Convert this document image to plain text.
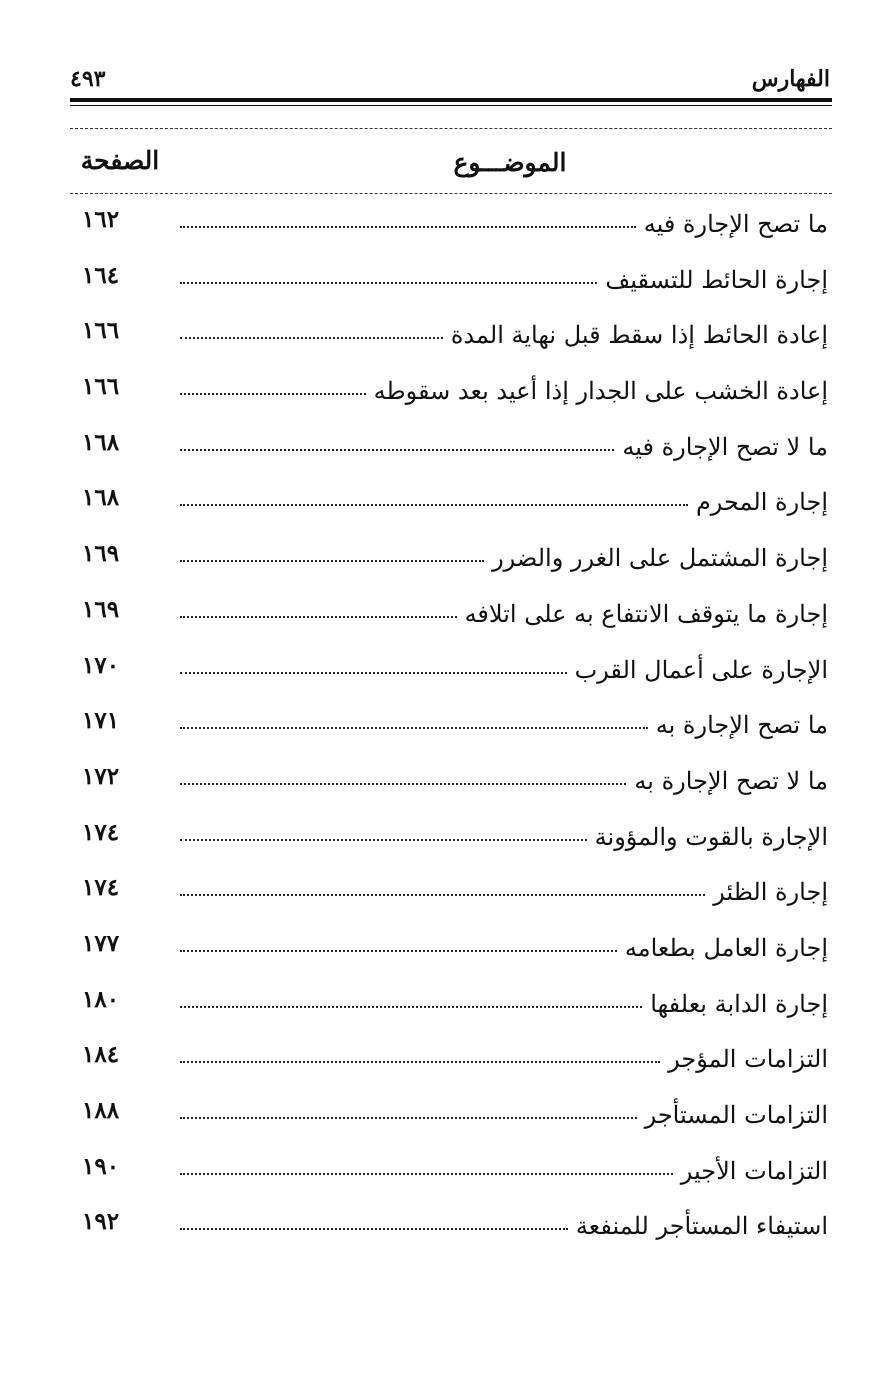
الفهارس
٤٩٣
الموضـــوع
الصفحة
١٦٢	ما تصح الإجارة فيه
١٦٤	إجارة الحائط للتسقيف
١٦٦	إعادة الحائط إذا سقط قبل نهاية المدة
١٦٦	إعادة الخشب على الجدار إذا أعيد بعد سقوطه
١٦٨	ما لا تصح الإجارة فيه
١٦٨	إجارة المحرم
١٦٩	إجارة المشتمل على الغرر والضرر
١٦٩	إجارة ما يتوقف الانتفاع به على اتلافه
١٧٠	الإجارة على أعمال القرب
١٧١	ما تصح الإجارة به
١٧٢	ما لا تصح الإجارة به
١٧٤	الإجارة بالقوت والمؤونة
١٧٤	إجارة الظئر
١٧٧	إجارة العامل بطعامه
١٨٠	إجارة الدابة بعلفها
١٨٤	التزامات المؤجر
١٨٨	التزامات المستأجر
١٩٠	التزامات الأجير
١٩٢	استيفاء المستأجر للمنفعة
